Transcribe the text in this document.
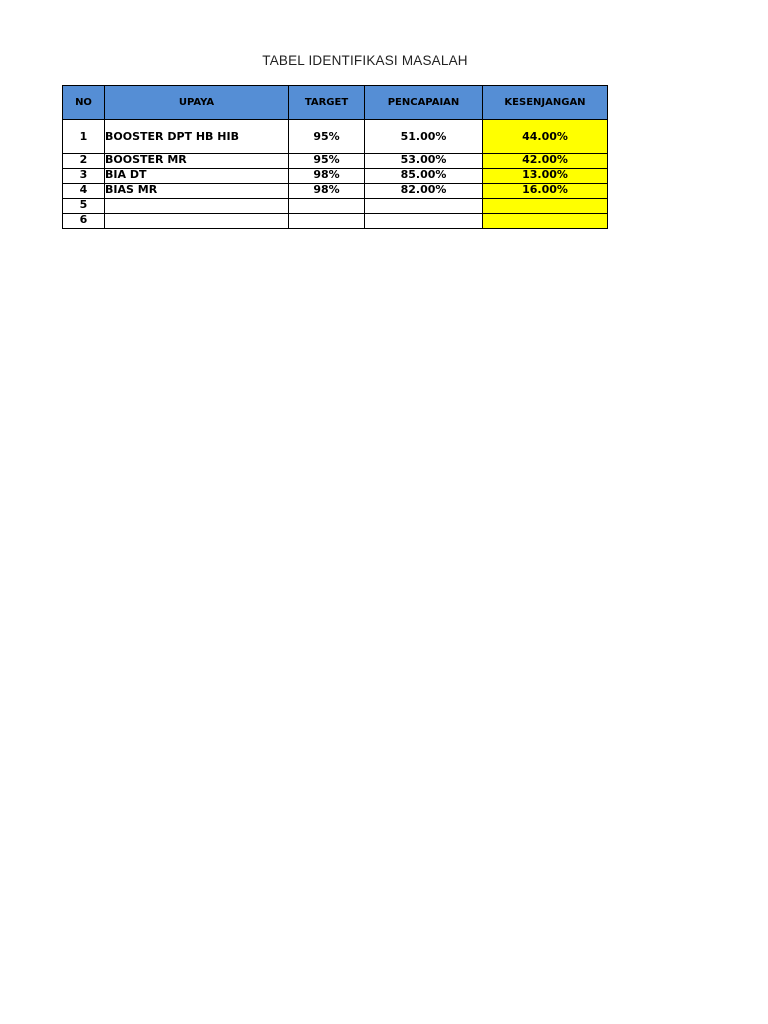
TABEL IDENTIFIKASI MASALAH
NO	UPAYA	TARGET	PENCAPAIAN	KESENJANGAN
1	BOOSTER DPT HB HIB	95%	51.00%	44.00%
2	BOOSTER MR	95%	53.00%	42.00%
3	BIA DT	98%	85.00%	13.00%
4	BIAS MR	98%	82.00%	16.00%
5				
6				
